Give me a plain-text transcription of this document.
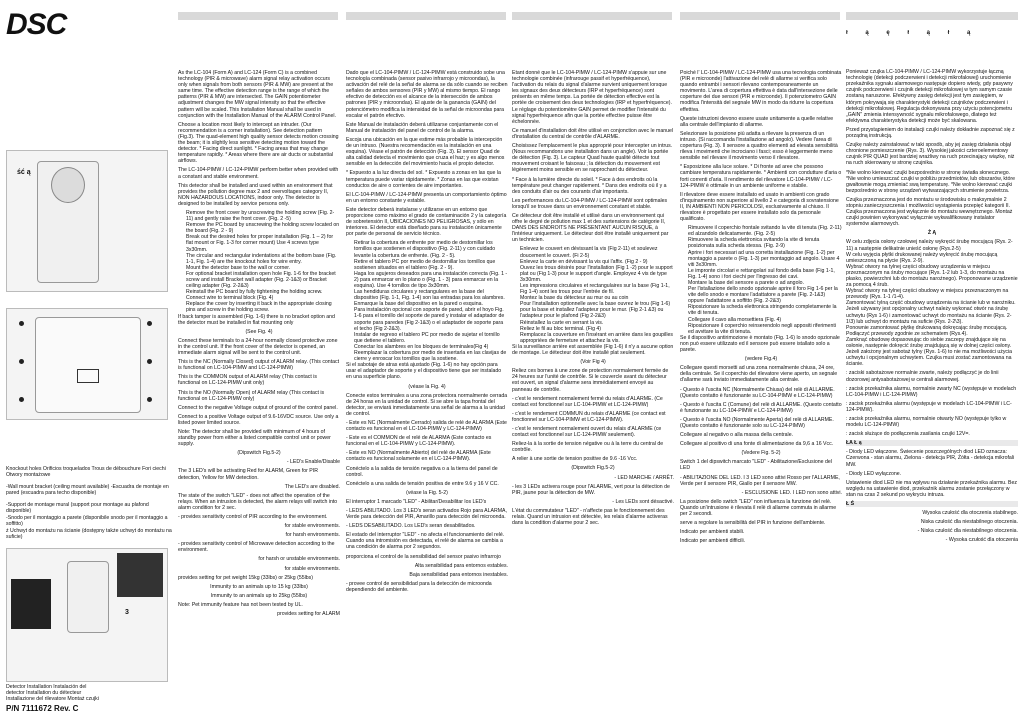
DSC
ść ą
Knockout holes Orificios troquelados Trous de débouchure Fori ciechi Otwory montażowe
-Wall mount bracket (ceiling mount available) -Escuadra de montaje en pared (escuadra para techo disponible)
-Support de montage mural (support pour montage au plafond disponible)
-Snodo per il montaggio a parete (disponibile snodo per il montaggio a soffitto)
ż Uchwyt do montażu na ścianie (dostępny także uchwyt do montażu na suficie)
3
Detector Installation Instalación del detector Installation du détecteur Installazione del rilevatore Montaż czujki
P/N 7111672 Rev. C

As the LC-104 (Form A) and LC-124 (Form C) is a combined technology (PIR & microwave) alarm signal relay activation occurs only when signals from both sensors (PIR & MW) are present at the same time. The effective detection range is the range of which the patterns (PIR & MW) are intersected. The GAIN potentiometer adjustment changes the MW signal intensity so that the effective pattern will be scaled. This Installation Manual shall be used in conjunction with the Installation Manual of the ALARM Control Panel.

Choose a location most likely to intercept an intruder. (Our recommendation is a corner installation). See detection pattern (Fig.3). The quad-element high quality sensor detects motion crossing the beam; it is slightly less sensitive detecting motion toward the detector. * Facing direct sunlight. * Facing areas that may change temperature rapidly. * Areas where there are air ducts or substantial airflows.

The LC-104-PIMW / LC-124-PIMW perform better when provided with a constant and stable environment.

This detector shall be installed and used within an environment that provides the pollution degree max 2 and overvoltages category II, NON HAZARDOUS LOCATIONS, indoor only. The detector is designed to be installed by service persons only.

Remove the front cover by unscrewing the holding screw (Fig. 2-11) and gently raise the front cover. (Fig. 2 -5)
Remove the PC board by unscrewing the holding screw located on the board (Fig. 2 - 9)
Break out the desired holes for proper installation (Fig. 1 – 2) for flat mount or Fig. 1-3 for corner mount) Use 4 screws type 3x30mm.
The circular and rectangular indentations at the bottom base (Fig. 1-1, Fig. 1-4) are the knockout holes for wire entry.
Mount the detector base to the wall or corner.
For optional bracket installation open hole Fig. 1-6 for the bracket screw and install Bracket wall adapter (Fig. 2-1&3) or Bracket ceiling adapter (Fig. 2-2&3)
Reinstall the PC board by fully tightening the holding screw.
Connect wire to terminal block (Fig. 4)
Replace the cover by inserting it back in the appropriate closing pins and screw in the holding screw.

If back tamper is assembled (Fig. 1-6) there is no bracket option and the detector must be installed in flat mounting only

(See Fig. 4)

Connect these terminals to a 24-hour normally closed protective zone in the control unit. If the front cover of the detector is opened, an immediate alarm signal will be sent to the control unit.

This is the NC (Normally Closed) output of ALARM relay. (This contact is functional on LC-104-PIMW and LC-124-PIMW)

This is the COMMON output of ALARM relay (This contact is functional on LC-124-PIMW unit only)

This is the NO (Normally Open) of ALARM relay (This contact is functional on LC-124-PIMW only)

Connect to the negative Voltage output of ground of the control panel.

Connect to a positive Voltage output of 9.6-16VDC source. Use only a listed power limited source.

Note: The detector shall be provided with minimum of 4 hours of standby power from either a listed compatible control unit or power supply.

(Dipswitch Fig.5-2)

- LED's Enable/Disable

The 3 LED's will be activating Red for ALARM, Green for PIR detection, Yellow for MW detection.

The LED's are disabled.

The state of the switch "LED" - does not affect the operation of the relays. When an intrusion is detected, the alarm relays will switch into alarm condition for 2 sec.

- provides sensitivity control of PIR according to the environment.

for stable environments.

for harsh environments.

- provides sensitivity control of Microwave detection according to the environment.

for harsh or unstable environments.

for stable environments.

provides setting for pet weight 15kg (33lbs) or 25kg (55lbs)

Immunity to an animals up to 15 kg (33lbs)

Immunity to an animals up to 25kg (55lbs)

Note: Pet immunity feature has not been tested by UL.

provides setting for ALARM

Dado que el LC-104-PIMW / LC-124-PIMW está construido sobe una tecnología combinada (sensor pasivo infrarrojo y microondas), la activación del relé de la señal de alarma se da sólo cuando se reciben señales de ambos sensores (PIR y MW) al mismo tiempo. El rango efectivo de detección es el alcance de la intersección de ambos patrones (PIR y microondas). El ajuste de la ganancia (GAIN) del potenciómetro modifica la intensidad de la señal de microondas para escalar el patrón efectivo.

Este Manual de instalación deberá utilizarse conjuntamente con el Manual de instalación del panel de control de la alarma.

Escoja una ubicación en la que estime más probable la intercepción de un intruso. (Nuestra recomendación es la instalación en una esquina). Véase el patrón de detección (Fig. 3). El sensor Quad de alta calidad detecta el movimiento que cruza el haz; y es algo menos sensible en la detección del movimiento hacia el propio detector.

* Expuesto a la luz directa del sol. * Expuesto a zonas en las que la temperatura puede variar rápidamente. * Zonas en las que existan conductos de aire o corrientes de aire importantes.

El LC-104-PIMW / LC-124-PIMW presenta un comportamiento óptimo en un entorno constante y estable.

Este detector deberá instalarse y utilizarse en un entorno que proporcione como máximo el grado de contaminación 2 y la categoría de sobretensión II, UBICACIONES NO PELIGROSAS, y sólo en interiores. El detector está diseñado para su instalación únicamente por parte de personal de servicio técnico.

Retirar la cobertura de enfrente por medio de destornillar los tornillos que sostienen el dispositivo (Fig. 2-11) y con cuidado levante la cobertura de enfrente. (Fig. 2 - 5).
Retire el tablero PC por medio de destornillar los tornillos que sostienen situados en el tablero (Fig. 2 - 9).
Haga los agujeros deseados para una instalación correcta (Fig. 1 - 2) para enmarcar en lo plano o (Fig. 1 - 3) para enmarcar en la esquina). Use 4 tornillos de tipo 3x30mm.
Las hendiduras circulares y rectangulares en la base del dispositivo (Fig. 1-1, Fig. 1-4) son las entradas para los alambres.
Enmarque la base del dispositivo en la pared o esquina.
Para instalación opcional con soporte de pared, abrir el hoyo Fig. 1-6 para el tornillo del soporte de pared y instalar el adaptador de soporte para paredes (Fig 2-1&3) o el adaptador de soporte para el techo (Fig 2-2&3).
Instalar de regreso el tablero PC por medio de sujetar el tornillo que detiene el tablero.
Conectar los alambres en los bloques de terminales(Fig 4)
Reemplazar la cobertura por medio de insertarla en las clavijas de cierre y enroscar los tornillos que la sostiene.

Si el sabotaje de atras está ajustado (Fig. 1-6) no hay opción para usar el adaptador de soporte y el dispositivo tiene que ser instalado en una superficie plano.

(véase la Fig. 4)

Conecte estos terminales a una zona protectora normalmente cerrada de 24 horas en la unidad de control. Si se abre la tapa frontal del detector, se enviará inmediatamente una señal de alarma a la unidad de control.

- Este es NC (Normalmente Cerrado) salida de relé de ALARMA (Este contacto es funcional en el LC-104-PIMW y LC-124-PIMW)

- Este es el COMMON de el relé de ALARMA (Este contacto es funcional en el LC-104-PIMW y LC-124-PIMW).

- Este es NO (Normalmente Abierto) del relé de ALARMA (Este contacto es funcional solamente en el LC-124-PIMW).

Conéctelo a la salida de tensión negativa o a la tierra del panel de control.

Conéctelo a una salida de tensión positiva de entre 9.6 y 16 V CC.

(véase la Fig. 5-2)

El interruptor 1 marcado "LED" - Abilitar/Desabilitar los LED's

- LEDS ABILITADO. Los 3 LED's seran activados Rojo para ALARMA, Verde para detección del PIR, Amarillo para detección del microonda.

- LEDS DESABILITADO. Los LED's seran desabilitados.

El estado del interruptor "LED" - no afecta el funcionamiento del relé. Cuando una intromisión es detectada, el relé de alarma se cambia a una condición de alarma por 2 segundos.

proporciona el control de la sensibilidad del sensor pasivo infrarrojo

Alta sensibilidad para entornos estables.

Baja sensibilidad para entornos inestables.

- provee control de sensibilidad para la detección de microonda dependiendo del ambiente.

Etant donné que le LC-104-PIMW / LC-124-PIMW s'appuie sur une technologie combinée (infrarouge passif et hyperfréquence), l'activation du relais du signal d'alarme survient uniquement lorsque les signaux des deux détecteurs (IRP et hyperfréquence) sont présents en même temps. La portée de détection effective est la portée de croisement des deux technologies (IRP et hyperfréquence). Le réglage du potentiomètre GAIN permet de modifier l'intensité du signal hyperfréquence afin que la portée effective puisse être échelonnée.

Ce manuel d'installation doit être utilisé en conjonction avec le manuel d'installation du central de contrôle d'ALARME.

Choisissez l'emplacement le plus approprié pour intercepter un intrus. (Nous recommandons une installation dans un angle). Voir la portée de détection (Fig. 3). Le capteur Quad haute qualité détecte tout mouvement croisant le faisceau ; la détection du mouvement est légèrement moins sensible en se rapprochant du détecteur.

* Face à la lumière directe du soleil. * Face à des endroits où la température peut changer rapidement. * Dans des endroits où il y a des conduits d'air ou des courants d'air importants.

Les performances du LC-104-PIMW / LC-124-PIMW sont optimales lorsqu'il se trouve dans un environnement constant et stable.

Ce détecteur doit être installé et utilisé dans un environnement qui offre le degré de pollution max 1 et des surtensions de catégorie II, DANS DES ENDROITS NE PRÉSENTANT AUCUN RISQUE, à l'intérieur uniquement. Le détecteur doit être installé uniquement par un technicien.

Enlevez le couvert en dévissant la vis (Fig 2-11) et soulevez doucement le couvert. (Fi 2-5)
Enlevez la carte en dévissant la vis qui l'affix. (Fig 2 - 9)
Ouvez les trous désirés pour l'installation (Fig 1 -2) pour le support plat ou (Fig 1-3) pour le support d'angle. Employez 4 vis de type 3x30mm.
Les impressions circulaires et rectangulaires sur la base (Fig 1-1, Fig 1-4) sont les trous pour l'entrée de fil.
Montez la base du détecteur au mur ou au coin
Pour l'installation optionnelle avec la base ouvrez le trou (Fig 1-6) pour la base et installez l'adapteur pour le mur. (Fig 2-1 &3) ou l'adapteur pour le plafond (Fig 2-2&3)
Réinstallez la carte en serrant la vis.
Reliez le fil au bloc terminal. (Fig 4)
Remplacez la couverture en l'insérant en arrière dans les goupilles appropriées de fermeture et attachez la vis.

Si la surveillance arrière est assemblée (Fig 1-6) il n'y a aucune option de montage. Le détecteur doit être installé plat seulement.

(Voir Fig 4)

Reliez ces bornes à une zone de protection normalement fermée de 24 heures sur l'unité de contrôle. Si le couvercle avant du détecteur est ouvert, un signal d'alarme sera immédiatement envoyé au panneau de contrôle.

- c'est le rendement normalement fermé du relais d'ALARME. (Ce contact est fonctionnel sur LC-104-PIMW et LC-124-PIMW)

- c'est le rendement COMMUN du relais d'ALARME (ce contact est fonctionnel sur LC-104-PIMW et LC-124-PIMW).

- c'est le rendement normalement ouvert du relais d'ALARME (ce contact est fonctionnel sur LC-124-PIMW seulement).

Reliez-la à la sortie de tension négative ou à la terre du central de contrôle.

A relier à une sortie de tension positive de 9.6 -16 Vcc.

(Dipswitch Fig.5-2)

- LED MARCHE / ARRÊT.

- les 3 LEDs activera rouge pour l'ALARME, vert pour la détection de PIR, jaune pour la détection de MW.

- Les LEDs sont désactivé.

L'état du commutateur "LED" - n'affecte pas le fonctionnement des relais. Quand un intrusion est détectée, les relais d'alarme activeras dans la condition d'alarme pour 2 sec.

Poiché l' LC-104-PIMW / LC-124-PIMW usa una tecnologia combinata (PIR e microonde) l'attivazione del relè di allarme si verifica solo quando entrambi i sensori rilevano contemporaneamente un movimento. L'area di copertura effettiva è data dall'intersezione delle coperture dei due sensori (PIR e microonde). Il potenziometro GAIN modifica l'intensità del segnale MW in modo da ridurre la copertura effettiva.

Queste istruzioni devono essere usate unitamente a quelle relative alla centrale dell'impianto di allarme.

Selezionare la posizione più adatta a rilevare la presenza di un intruso. (Si raccomanda l'installazione ad angolo). Vedere l'area di copertura (Fig. 3). Il sensore a quattro elementi ad elevata sensibilità rileva i movimenti che incrociano i fasci; esso è leggermente meno sensibile nel rilevare il movimento verso il rilevatore.

* Esposizione alla luce solare. * Di fronte ad aree che possono cambiare temperatura rapidamente. * Ambienti con condutture d'aria o forti correnti d'aria. Il rendimento del rilevatore LC-104-PIMW / LC-124-PIMW è ottimale in un ambiente uniforme e stabile.

Il rilevatore deve essere installato ed usato in ambienti con grado d'inquinamento non superiore al livello 2 e categoria di sovratensione II, IN AMBIENTI NON PERICOLOSI, esclusivamente al chiuso. Il rilevatore è progettato per essere installato solo da personale qualificato.

Rimuovere il coperchio frontale svitando la vite di tenuta (Fig. 2-11) ed alzandolo delicatamente. (Fig. 2-5)
Rimuovere la scheda elettronica svitando la vite di tenuta posizionata sulla scheda stessa. (Fig. 2-9)
Aprire i fori necessari ad una corretta installazione (Fig. 1-2) per montaggio a parete o (Fig. 1-3) per montaggio ad angolo. Usare 4 viti 3x30mm.
Le impronte circolari e rettangolari sul fondo della base (Fig 1-1, Fig. 1-4) sono i fori ciechi per l'ingresso dei cavi.
Montare la base del sensore a parete o ad angolo.
Per l'istallazione dello snodo opzionale aprire il foro Fig 1-6 per la vite dello snodo e montare l'adattatore a parete (Fig. 2-1&3) oppure l'adattatore a soffitto (Fig. 2-2&3)
Riposizionare la scheda elettronica stringendo completamente la vite di tenuta.
Collegare il cavo alla morsettiera (Fig. 4)
Riposizionare il coperchio reinserendolo negli appositi riferimenti ed avvitare la vite di tenuta.

Se il dispositivo antirimozione è montato (Fig. 1-6) lo snodo opzionale non può essere utilizzato ed il sensore può essere istallato solo a parete.

(vedere Fig.4)

Collegare questi morsetti ad una zona normalmente chiusa, 24 ore, della centrale. Se il coperchio del rilevatore viene aperto, un segnale d'allarme sarà inviato immediatamente alla centrale.

- Questo è l'uscita NC (Normalmente Chiusa) del relè di ALLARME. (Questo contatto è funzionante su LC-104-PIMW e LC-124-PIMW)

- Questo è l'uscita C (Comune) del relè di ALLARME. (Questo contatto è funzionante su LC-104-PIMW e LC-124-PIMW)

- Questo è l'uscita NO (Normalmente Aperta) del relè di ALLARME. (Questo contatto è funzionante solo su LC-124-PIMW)

Collegare al negativo o alla massa della centrale.

Collegare al positivo di una fonte di alimentazione da 9,6 a 16 Vcc.

(Vedere Fig. 5-2)

Switch 1 del dipswitch marcato "LED" - Abilitazione/Esclusione del LED

- ABILITAZIONE DEL LED. I 3 LED sono attivi Rosso per l'ALLARME, Verde per il sensore PIR, Giallo per il sensore MW.

- ESCLUSIONE LED. I LED non sono attivi.

La posizione dello switch "LED" non influenza la funzione del relè. Quando un'intrusione è rilevata il relè di allarme commuta in allarme per 2 secondi.

serve a regolare la sensibilità del PIR in funzione dell'ambiente.

Indicato per ambienti stabili.

Indicato per ambienti difficili.

ł ą ę ł ą ł ą

Ponieważ czujka LC-104-PIMW / LC-124-PIMW wykorzystuje łączną technologię (detekcji podczerwieni i detekcji mikrofalowej) uruchomienie przekaźnika sygnału alarmowego następuje dopiero wtedy, gdy pasywny czujnik podczerwieni i czujnik detekcji mikrofalowej w tym samym czasie zostaną naruszone. Efektywny zasięg detekcji jest tym zasięgiem, w którym pokrywają się charakterystyki detekcji czujników podczerwieni i detekcji mikrofalowej. Regulacja dokonywana przy użyciu potencjometru „GAIN" zmienia intensywność sygnału mikrofalowego, dlatego też efektywna charakterystyka detekcji może być skalowana.

Przed przystąpieniem do instalacji czujki należy dokładnie zapoznać się z porządną instrukcją.

Czujkę należy zainstalować w taki sposób, aby jej zasięg działania objął chronione pomieszczenie (Rys. 3). Wysokiej jakości czteroelementowy czujnik PIR QUAD jest bardziej wrażliwy na ruch przecinający wiązkę, niż na ruch skierowany w stronę czujnika.

*Nie wolno kierować czujki bezpośrednio w stronę światła słonecznego. *Nie wolno umieszczać czujki w pobliżu przedmiotów, lub obszarów, które gwałtownie mogą zmieniać swą temperaturę. *Nie wolno kierować czujki bezpośrednio w stronę urządzeń wytwarzających strumienie powietrza.

Czujka przeznaczona jest do montażu w środowisku o maksymalnie 2 stopniu zanieczyszczenia i możliwości wystąpienia przepięć kategorii II. Czujka przeznaczona jest wyłącznie do montażu wewnętrznego. Montaż czujki powinien wykonywać wyłącznie wykwalifikowany instalator systemów alarmowych.

Ż Ą

W celu zdjęcia osłony czołowej należy wykręcić śrubę mocującą (Rys. 2-11) a następnie delikatnie unieść osłonę (Rys.2-5)
W celu wyjęcia płytki drukowanej należy wykręcić śrubę mocującą umieszczoną na płycie (Rys. 2-9).
Wybrać otwory na tylnej części obudowy urządzenia w miejscu przeznaczonym na śruby mocujące (Rys. 1-2 lub 1-3, do montażu na płasko, powierzchni lub do montażu narożnego). Proponowane urządzenie za pomocą 4 śrub.
Wybrać otwory na tylnej części obudowy w miejscu przeznaczonym na przewody (Rys. 1-1 /1-4).
Zamontować tylną część obudowy urządzenia na ścianie lub w narożniku.
Jeżeli używany jest opcjonalny uchwyt należy wykonać otwór na śrubę uchwytu (Rys 1-6) i zamontować uchwyt do montażu na ścianie (Rys. 2-1\3) lub uchwyt do montażu na suficie (Rys. 2-2\3).
Ponownie zamontować płytkę drukowaną dokręcając śrubę mocującą.
Podłączyć przewody zgodnie ze schematem (Rys.4).
Zamknąć obudowę dopasowując do siebie zaczepy znajdujące się na osłonie, następnie dokręcić śrubę znajdującą się w dolnej części osłony.

Jeżeli założony jest sabotaż tylny (Rys. 1-6) to nie ma możliwości użycia uchwytu i opcjonalnym uchwytem. Czujka musi zostać zamontowana na ścianie.

: zaciski sabotażowe normalnie zwarte, należy podłączyć je do linii dozorowej antysabotażowej w centrali alarmowej.

: zacisk przekaźnika alarmu, normalnie zwarty NC (występuje w modelach LC-104-PIMW i LC-124-PIMW)

: zacisk przekaźnika alarmu (występuje w modelach LC-104-PIMW i LC-124-PIMW).

: zacisk przekaźnika alarmu, normalnie otwarty NO (występuje tylko w modelu LC-124-PIMW)

: zacisk służące do podłączenia zasilania czujki 12V=.

ŁA Ł ą

- Diody LED włączone. Świecenie poszczególnych diod LED oznacza: Czerwona - stan alarmu, Zielona - detekcja PIR, Żółta - detekcja mikrofali MW.

- Diody LED wyłączone.

Ustawienie diod LED nie ma wpływu na działanie przekaźnika alarmu. Bez względu na ustawienie diod, przekaźnik alarmu zostanie przełączony w stan na czas 2 sekund po wykryciu intruza.

Ł Ś

Wysoka czułość dla otoczenia stabilnego.

Niska czułość dla niestabilnego otoczenia.

- Niska czułość dla niestabilnego otoczenia.

- Wysoka czułość dla otoczenia
